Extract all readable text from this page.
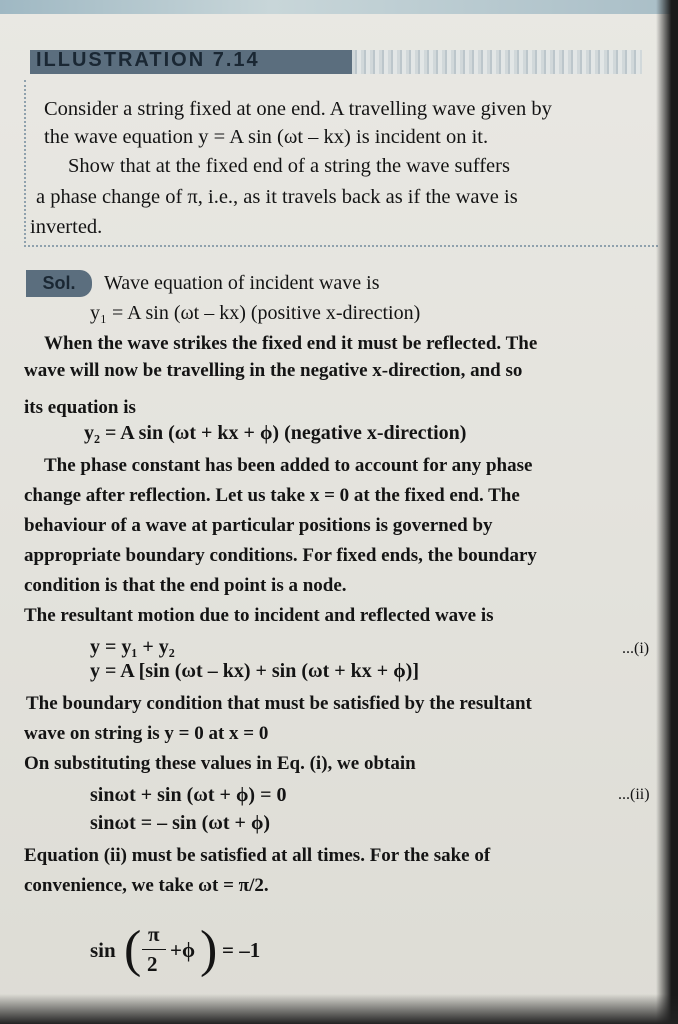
ILLUSTRATION 7.14
Consider a string fixed at one end. A travelling wave given by
the wave equation y = A sin (ωt – kx) is incident on it.
Show that at the fixed end of a string the wave suffers
a phase change of π, i.e., as it travels back as if the wave is
inverted.
Sol.	Wave equation of incident wave is
y₁ = A sin (ωt – kx) (positive x-direction)
When the wave strikes the fixed end it must be reflected. The
wave will now be travelling in the negative x-direction, and so
its equation is
y₂ = A sin (ωt + kx + ϕ) (negative x-direction)
The phase constant has been added to account for any phase
change after reflection. Let us take x = 0 at the fixed end. The
behaviour of a wave at particular positions is governed by
appropriate boundary conditions. For fixed ends, the boundary
condition is that the end point is a node.
The resultant motion due to incident and reflected wave is
y = y₁ + y₂
y = A [sin (ωt – kx) + sin (ωt + kx + ϕ)]
...(i)
The boundary condition that must be satisfied by the resultant
wave on string is y = 0 at x = 0
On substituting these values in Eq. (i), we obtain
sinωt + sin (ωt + ϕ) = 0
sinωt = – sin (ωt + ϕ)
...(ii)
Equation (ii) must be satisfied at all times. For the sake of
convenience, we take ωt = π/2.
sin ( π
2
+ϕ ) = –1
